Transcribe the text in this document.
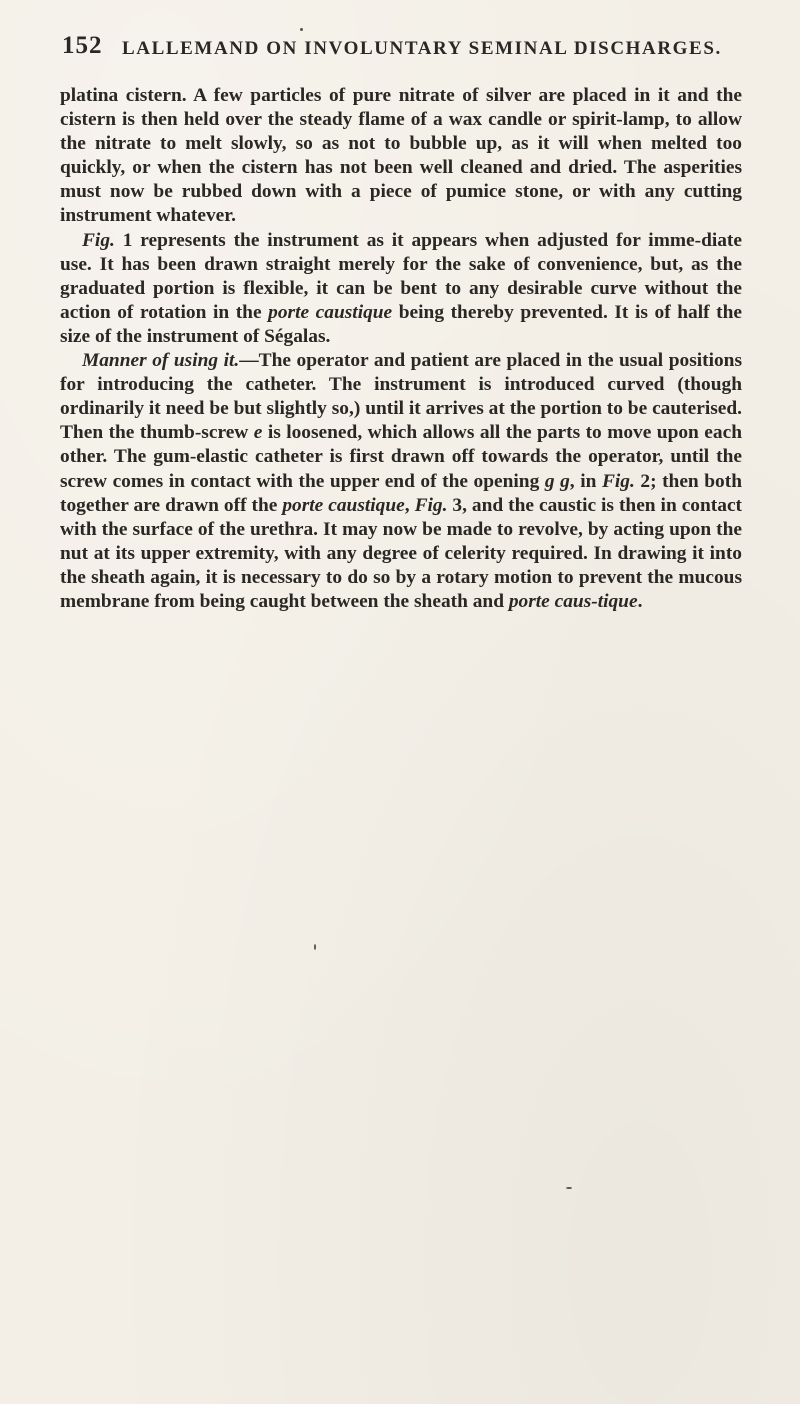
152 LALLEMAND ON INVOLUNTARY SEMINAL DISCHARGES.

platina cistern. A few particles of pure nitrate of silver are placed in it and the cistern is then held over the steady flame of a wax candle or spirit-lamp, to allow the nitrate to melt slowly, so as not to bubble up, as it will when melted too quickly, or when the cistern has not been well cleaned and dried. The asperities must now be rubbed down with a piece of pumice stone, or with any cutting instrument whatever.

Fig. 1 represents the instrument as it appears when adjusted for imme-diate use. It has been drawn straight merely for the sake of convenience, but, as the graduated portion is flexible, it can be bent to any desirable curve without the action of rotation in the porte caustique being thereby prevented. It is of half the size of the instrument of Ségalas.

Manner of using it.—The operator and patient are placed in the usual positions for introducing the catheter. The instrument is introduced curved (though ordinarily it need be but slightly so,) until it arrives at the portion to be cauterised. Then the thumb-screw e is loosened, which allows all the parts to move upon each other. The gum-elastic catheter is first drawn off towards the operator, until the screw comes in contact with the upper end of the opening g g, in Fig. 2; then both together are drawn off the porte caustique, Fig. 3, and the caustic is then in contact with the surface of the urethra. It may now be made to revolve, by acting upon the nut at its upper extremity, with any degree of celerity required. In drawing it into the sheath again, it is necessary to do so by a rotary motion to prevent the mucous membrane from being caught between the sheath and porte caus-tique.
